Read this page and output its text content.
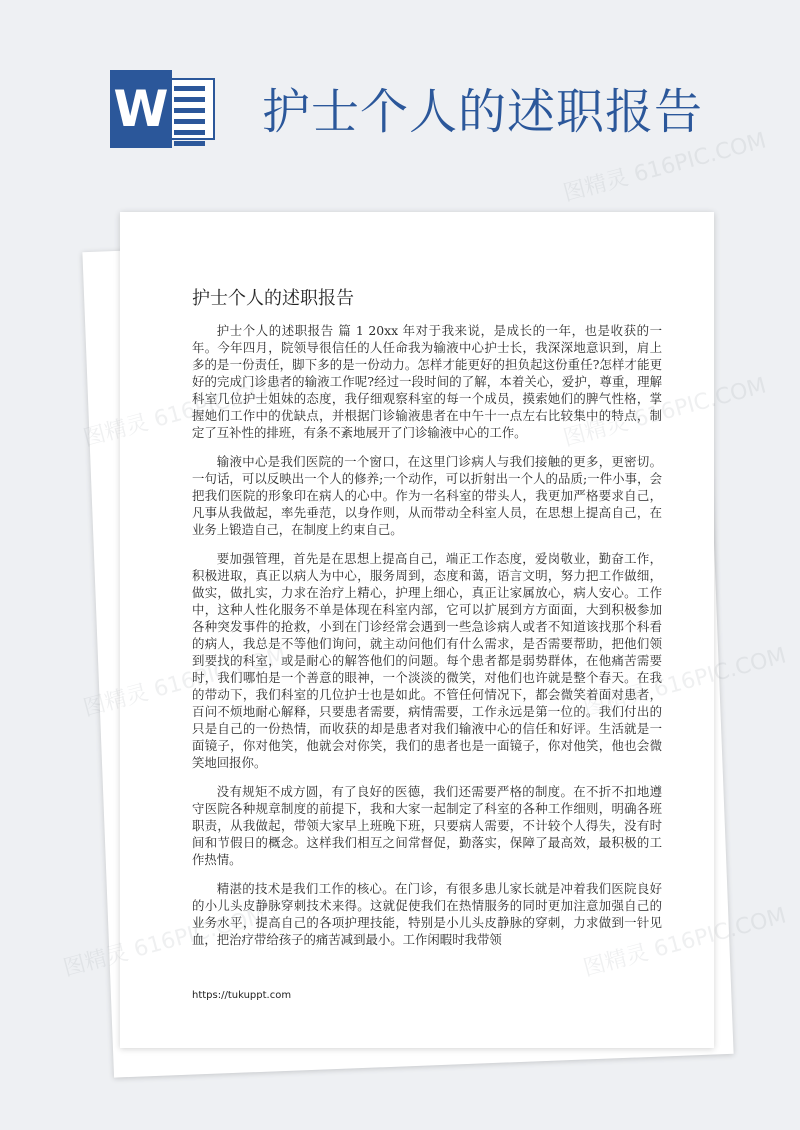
W 护士个人的述职报告
护士个人的述职报告

护士个人的述职报告 篇 1 20xx 年对于我来说，是成长的一年，也是收获的一年。今年四月，院领导很信任的人任命我为输液中心护士长，我深深地意识到，肩上多的是一份责任，脚下多的是一份动力。怎样才能更好的担负起这份重任?怎样才能更好的完成门诊患者的输液工作呢?经过一段时间的了解，本着关心，爱护，尊重，理解科室几位护士姐妹的态度，我仔细观察科室的每一个成员，摸索她们的脾气性格，掌握她们工作中的优缺点，并根据门诊输液患者在中午十一点左右比较集中的特点，制定了互补性的排班，有条不紊地展开了门诊输液中心的工作。

输液中心是我们医院的一个窗口，在这里门诊病人与我们接触的更多，更密切。一句话，可以反映出一个人的修养;一个动作，可以折射出一个人的品质;一件小事，会把我们医院的形象印在病人的心中。作为一名科室的带头人，我更加严格要求自己，凡事从我做起，率先垂范，以身作则，从而带动全科室人员，在思想上提高自己，在业务上锻造自己，在制度上约束自己。

要加强管理，首先是在思想上提高自己，端正工作态度，爱岗敬业，勤奋工作，积极进取，真正以病人为中心，服务周到，态度和蔼，语言文明，努力把工作做细，做实，做扎实，力求在治疗上精心，护理上细心，真正让家属放心，病人安心。工作中，这种人性化服务不单是体现在科室内部，它可以扩展到方方面面，大到积极参加各种突发事件的抢救，小到在门诊经常会遇到一些急诊病人或者不知道该找那个科看的病人，我总是不等他们询问，就主动问他们有什么需求，是否需要帮助，把他们领到要找的科室，或是耐心的解答他们的问题。每个患者都是弱势群体，在他痛苦需要时，我们哪怕是一个善意的眼神，一个淡淡的微笑，对他们也许就是整个春天。在我的带动下，我们科室的几位护士也是如此。不管任何情况下，都会微笑着面对患者，百问不烦地耐心解释，只要患者需要，病情需要，工作永远是第一位的。我们付出的只是自己的一份热情，而收获的却是患者对我们输液中心的信任和好评。生活就是一面镜子，你对他笑，他就会对你笑，我们的患者也是一面镜子，你对他笑，他也会微笑地回报你。

没有规矩不成方圆，有了良好的医德，我们还需要严格的制度。在不折不扣地遵守医院各种规章制度的前提下，我和大家一起制定了科室的各种工作细则，明确各班职责，从我做起，带领大家早上班晚下班，只要病人需要，不计较个人得失，没有时间和节假日的概念。这样我们相互之间常督促，勤落实，保障了最高效，最积极的工作热情。

精湛的技术是我们工作的核心。在门诊，有很多患儿家长就是冲着我们医院良好的小儿头皮静脉穿刺技术来得。这就促使我们在热情服务的同时更加注意加强自己的业务水平，提高自己的各项护理技能，特别是小儿头皮静脉的穿刺，力求做到一针见血，把治疗带给孩子的痛苦减到最小。工作闲暇时我带领

https://tukuppt.com
图精灵 616PIC.COM
616PIC.COM
图精灵
